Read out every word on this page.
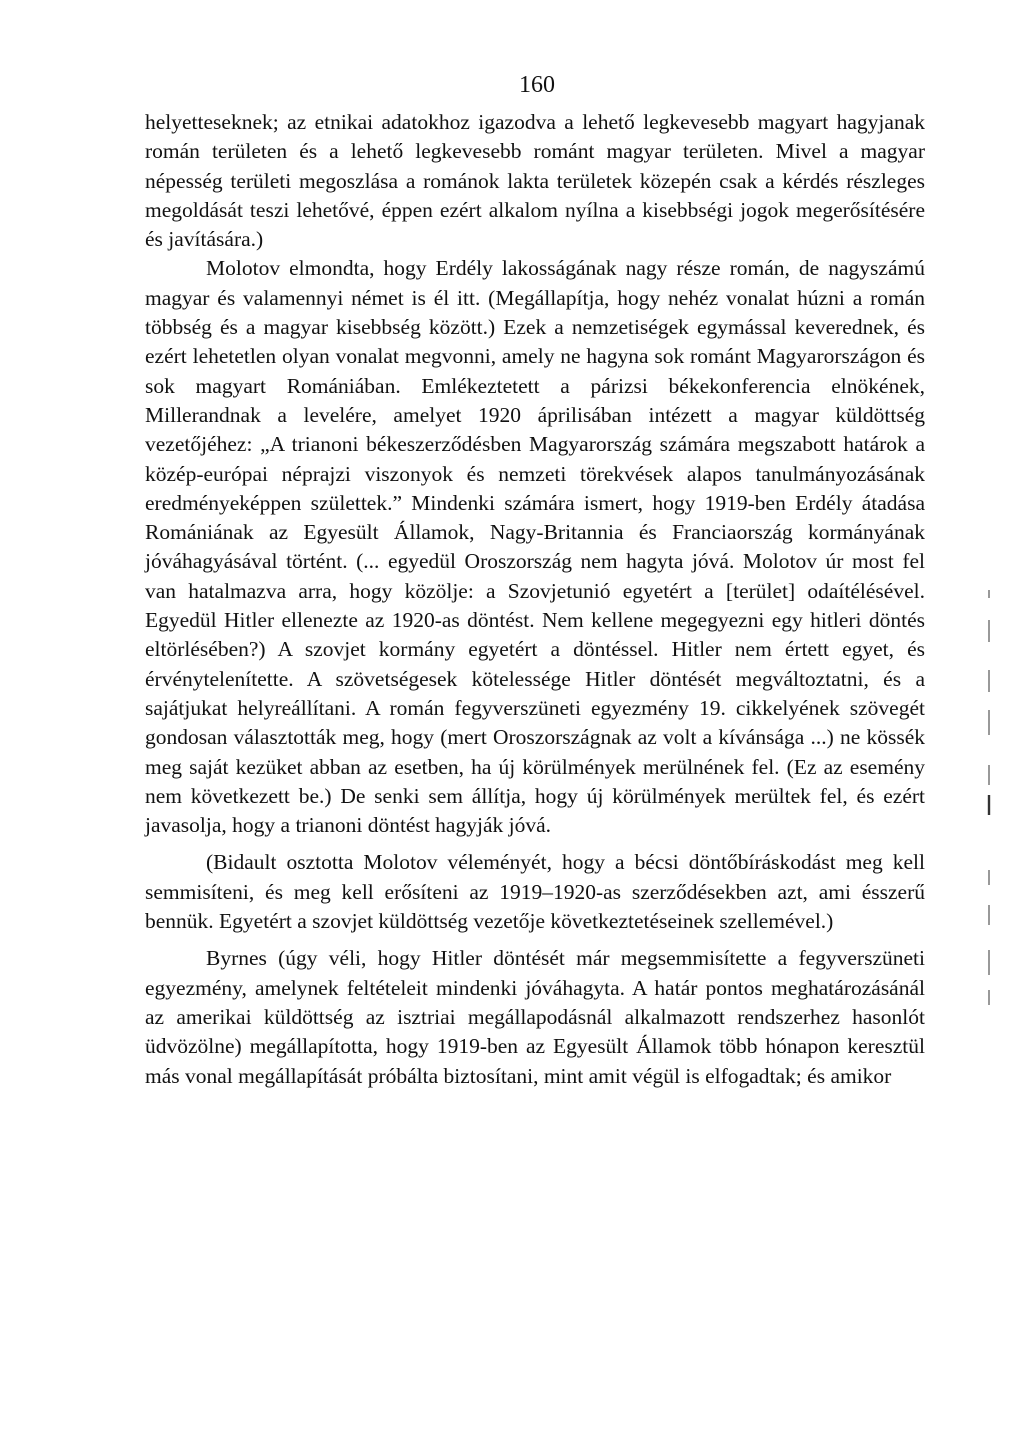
160

helyetteseknek; az etnikai adatokhoz igazodva a lehető legkevesebb magyart hagyjanak román területen és a lehető legkevesebb románt magyar területen. Mivel a magyar népesség területi megoszlása a románok lakta területek közepén csak a kérdés részleges megoldását teszi lehetővé, éppen ezért alkalom nyílna a kisebbségi jogok megerősítésére és javítására.)

Molotov elmondta, hogy Erdély lakosságának nagy része román, de nagyszámú magyar és valamennyi német is él itt. (Megállapítja, hogy nehéz vonalat húzni a román többség és a magyar kisebbség között.) Ezek a nemzetiségek egymással keverednek, és ezért lehetetlen olyan vonalat megvonni, amely ne hagyna sok románt Magyarországon és sok magyart Romániában. Emlékeztetett a párizsi békekonferencia elnökének, Millerandnak a levelére, amelyet 1920 áprilisában intézett a magyar küldöttség vezetőjéhez: „A trianoni békeszerződésben Magyarország számára megszabott határok a közép-európai néprajzi viszonyok és nemzeti törekvések alapos tanulmányozásának eredményeképpen születtek.” Mindenki számára ismert, hogy 1919-ben Erdély átadása Romániának az Egyesült Államok, Nagy-Britannia és Franciaország kormányának jóváhagyásával történt. (... egyedül Oroszország nem hagyta jóvá. Molotov úr most fel van hatalmazva arra, hogy közölje: a Szovjetunió egyetért a [terület] odaítélésével. Egyedül Hitler ellenezte az 1920-as döntést. Nem kellene megegyezni egy hitleri döntés eltörlésében?) A szovjet kormány egyetért a döntéssel. Hitler nem értett egyet, és érvénytelenítette. A szövetségesek kötelessége Hitler döntését megváltoztatni, és a sajátjukat helyreállítani. A román fegyverszüneti egyezmény 19. cikkelyének szövegét gondosan választották meg, hogy (mert Oroszországnak az volt a kívánsága ...) ne kössék meg saját kezüket abban az esetben, ha új körülmények merülnének fel. (Ez az esemény nem következett be.) De senki sem állítja, hogy új körülmények merültek fel, és ezért javasolja, hogy a trianoni döntést hagyják jóvá.

(Bidault osztotta Molotov véleményét, hogy a bécsi döntőbíráskodást meg kell semmisíteni, és meg kell erősíteni az 1919–1920-as szerződésekben azt, ami ésszerű bennük. Egyetért a szovjet küldöttség vezetője következtetéseinek szellemével.)

Byrnes (úgy véli, hogy Hitler döntését már megsemmisítette a fegyverszüneti egyezmény, amelynek feltételeit mindenki jóváhagyta. A határ pontos meghatározásánál az amerikai küldöttség az isztriai megállapodásnál alkalmazott rendszerhez hasonlót üdvözölne) megállapította, hogy 1919-ben az Egyesült Államok több hónapon keresztül más vonal megállapítását próbálta biztosítani, mint amit végül is elfogadtak; és amikor
